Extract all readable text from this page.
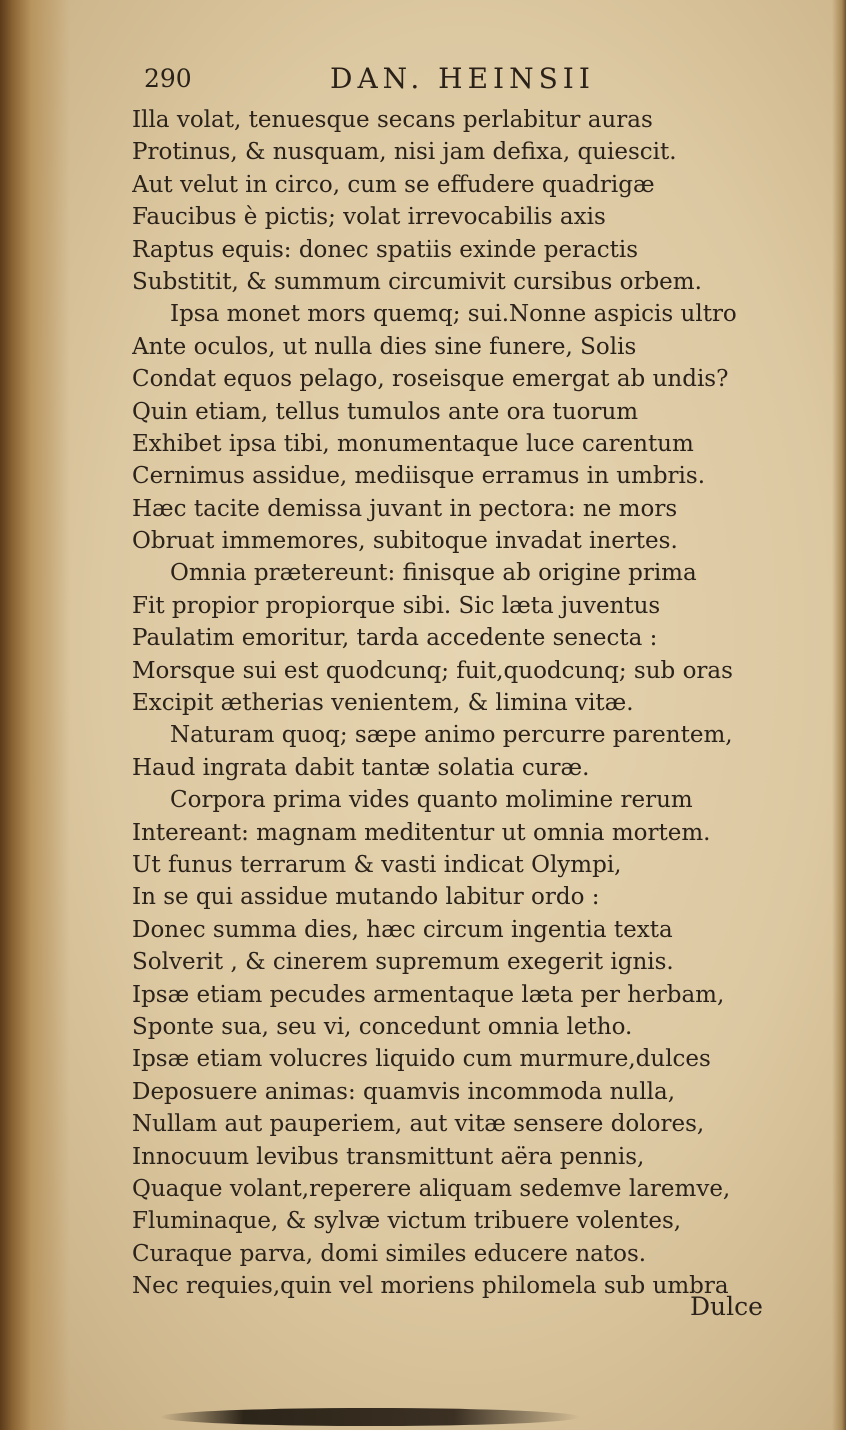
290	DAN. HEINSII
Illa volat, tenuesque secans perlabitur auras
Protinus, & nusquam, nisi jam defixa, quiescit.
Aut velut in circo, cum se effudere quadrigæ
Faucibus è pictis; volat irrevocabilis axis
Raptus equis: donec spatiis exinde peractis
Substitit, & summum circumivit cursibus orbem.
Ipsa monet mors quemq; sui.Nonne aspicis ultro
Ante oculos, ut nulla dies sine funere, Solis
Condat equos pelago, roseisque emergat ab undis?
Quin etiam, tellus tumulos ante ora tuorum
Exhibet ipsa tibi, monumentaque luce carentum
Cernimus assidue, mediisque erramus in umbris.
Hæc tacite demissa juvant in pectora: ne mors
Obruat immemores, subitoque invadat inertes.
Omnia prætereunt: finisque ab origine prima
Fit propior propiorque sibi. Sic læta juventus
Paulatim emoritur, tarda accedente senecta :
Morsque sui est quodcunq; fuit,quodcunq; sub oras
Excipit ætherias venientem, & limina vitæ.
Naturam quoq; sæpe animo percurre parentem,
Haud ingrata dabit tantæ solatia curæ.
Corpora prima vides quanto molimine rerum
Intereant: magnam meditentur ut omnia mortem.
Ut funus terrarum & vasti indicat Olympi,
In se qui assidue mutando labitur ordo :
Donec summa dies, hæc circum ingentia texta
Solverit , & cinerem supremum exegerit ignis.
Ipsæ etiam pecudes armentaque læta per herbam,
Sponte sua, seu vi, concedunt omnia letho.
Ipsæ etiam volucres liquido cum murmure,dulces
Deposuere animas: quamvis incommoda nulla,
Nullam aut pauperiem, aut vitæ sensere dolores,
Innocuum levibus transmittunt aëra pennis,
Quaque volant,reperere aliquam sedemve laremve,
Fluminaque, & sylvæ victum tribuere volentes,
Curaque parva, domi similes educere natos.
Nec requies,quin vel moriens philomela sub umbra
Dulce
